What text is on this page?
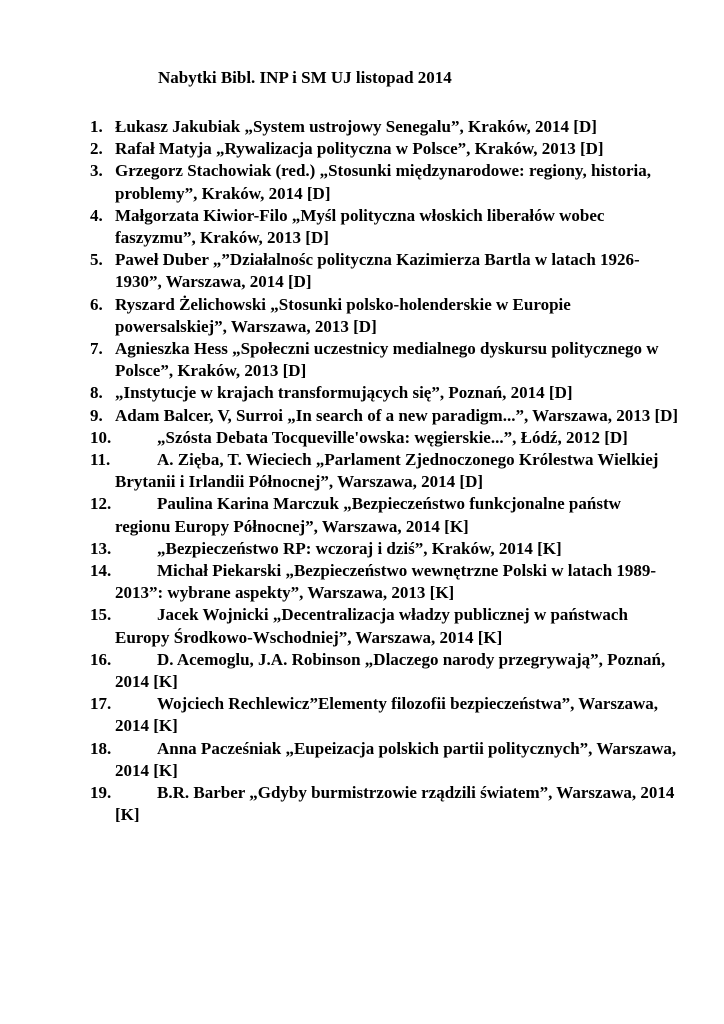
Nabytki Bibl. INP i SM UJ listopad 2014
1. Łukasz Jakubiak „System ustrojowy Senegalu”, Kraków, 2014 [D]
2. Rafał Matyja „Rywalizacja polityczna w Polsce”, Kraków, 2013 [D]
3. Grzegorz Stachowiak (red.) „Stosunki międzynarodowe: regiony, historia, problemy”, Kraków, 2014 [D]
4. Małgorzata Kiwior-Filo „Myśl polityczna włoskich liberałów wobec faszyzmu”, Kraków, 2013 [D]
5. Paweł Duber „”Działalnośc polityczna Kazimierza Bartla w latach 1926-1930”, Warszawa, 2014 [D]
6. Ryszard Żelichowski „Stosunki polsko-holenderskie w Europie powersalskiej”, Warszawa, 2013 [D]
7. Agnieszka Hess „Społeczni uczestnicy medialnego dyskursu politycznego w Polsce”, Kraków, 2013 [D]
8. „Instytucje w krajach transformujących się”, Poznań, 2014 [D]
9. Adam Balcer, V, Surroi „In search of a new paradigm...”, Warszawa, 2013 [D]
10.	„Szósta Debata Tocqueville'owska: węgierskie...”, Łódź, 2012 [D]
11.	A. Zięba, T. Wieciech „Parlament Zjednoczonego Królestwa Wielkiej Brytanii i Irlandii Północnej”, Warszawa, 2014 [D]
12.	Paulina Karina Marczuk „Bezpieczeństwo funkcjonalne państw regionu Europy Północnej”, Warszawa, 2014 [K]
13.	„Bezpieczeństwo RP: wczoraj i dziś”, Kraków, 2014 [K]
14.	Michał Piekarski „Bezpieczeństwo wewnętrzne Polski w latach 1989-2013”: wybrane aspekty”, Warszawa, 2013 [K]
15.	Jacek Wojnicki „Decentralizacja władzy publicznej w państwach Europy Środkowo-Wschodniej”, Warszawa, 2014 [K]
16.	D. Acemoglu, J.A. Robinson „Dlaczego narody przegrywają”, Poznań, 2014 [K]
17.	Wojciech Rechlewicz”Elementy filozofii bezpieczeństwa”, Warszawa, 2014 [K]
18.	Anna Pacześniak „Eupeizacja polskich partii politycznych”, Warszawa, 2014 [K]
19.	B.R. Barber „Gdyby burmistrzowie rządzili światem”, Warszawa, 2014 [K]
